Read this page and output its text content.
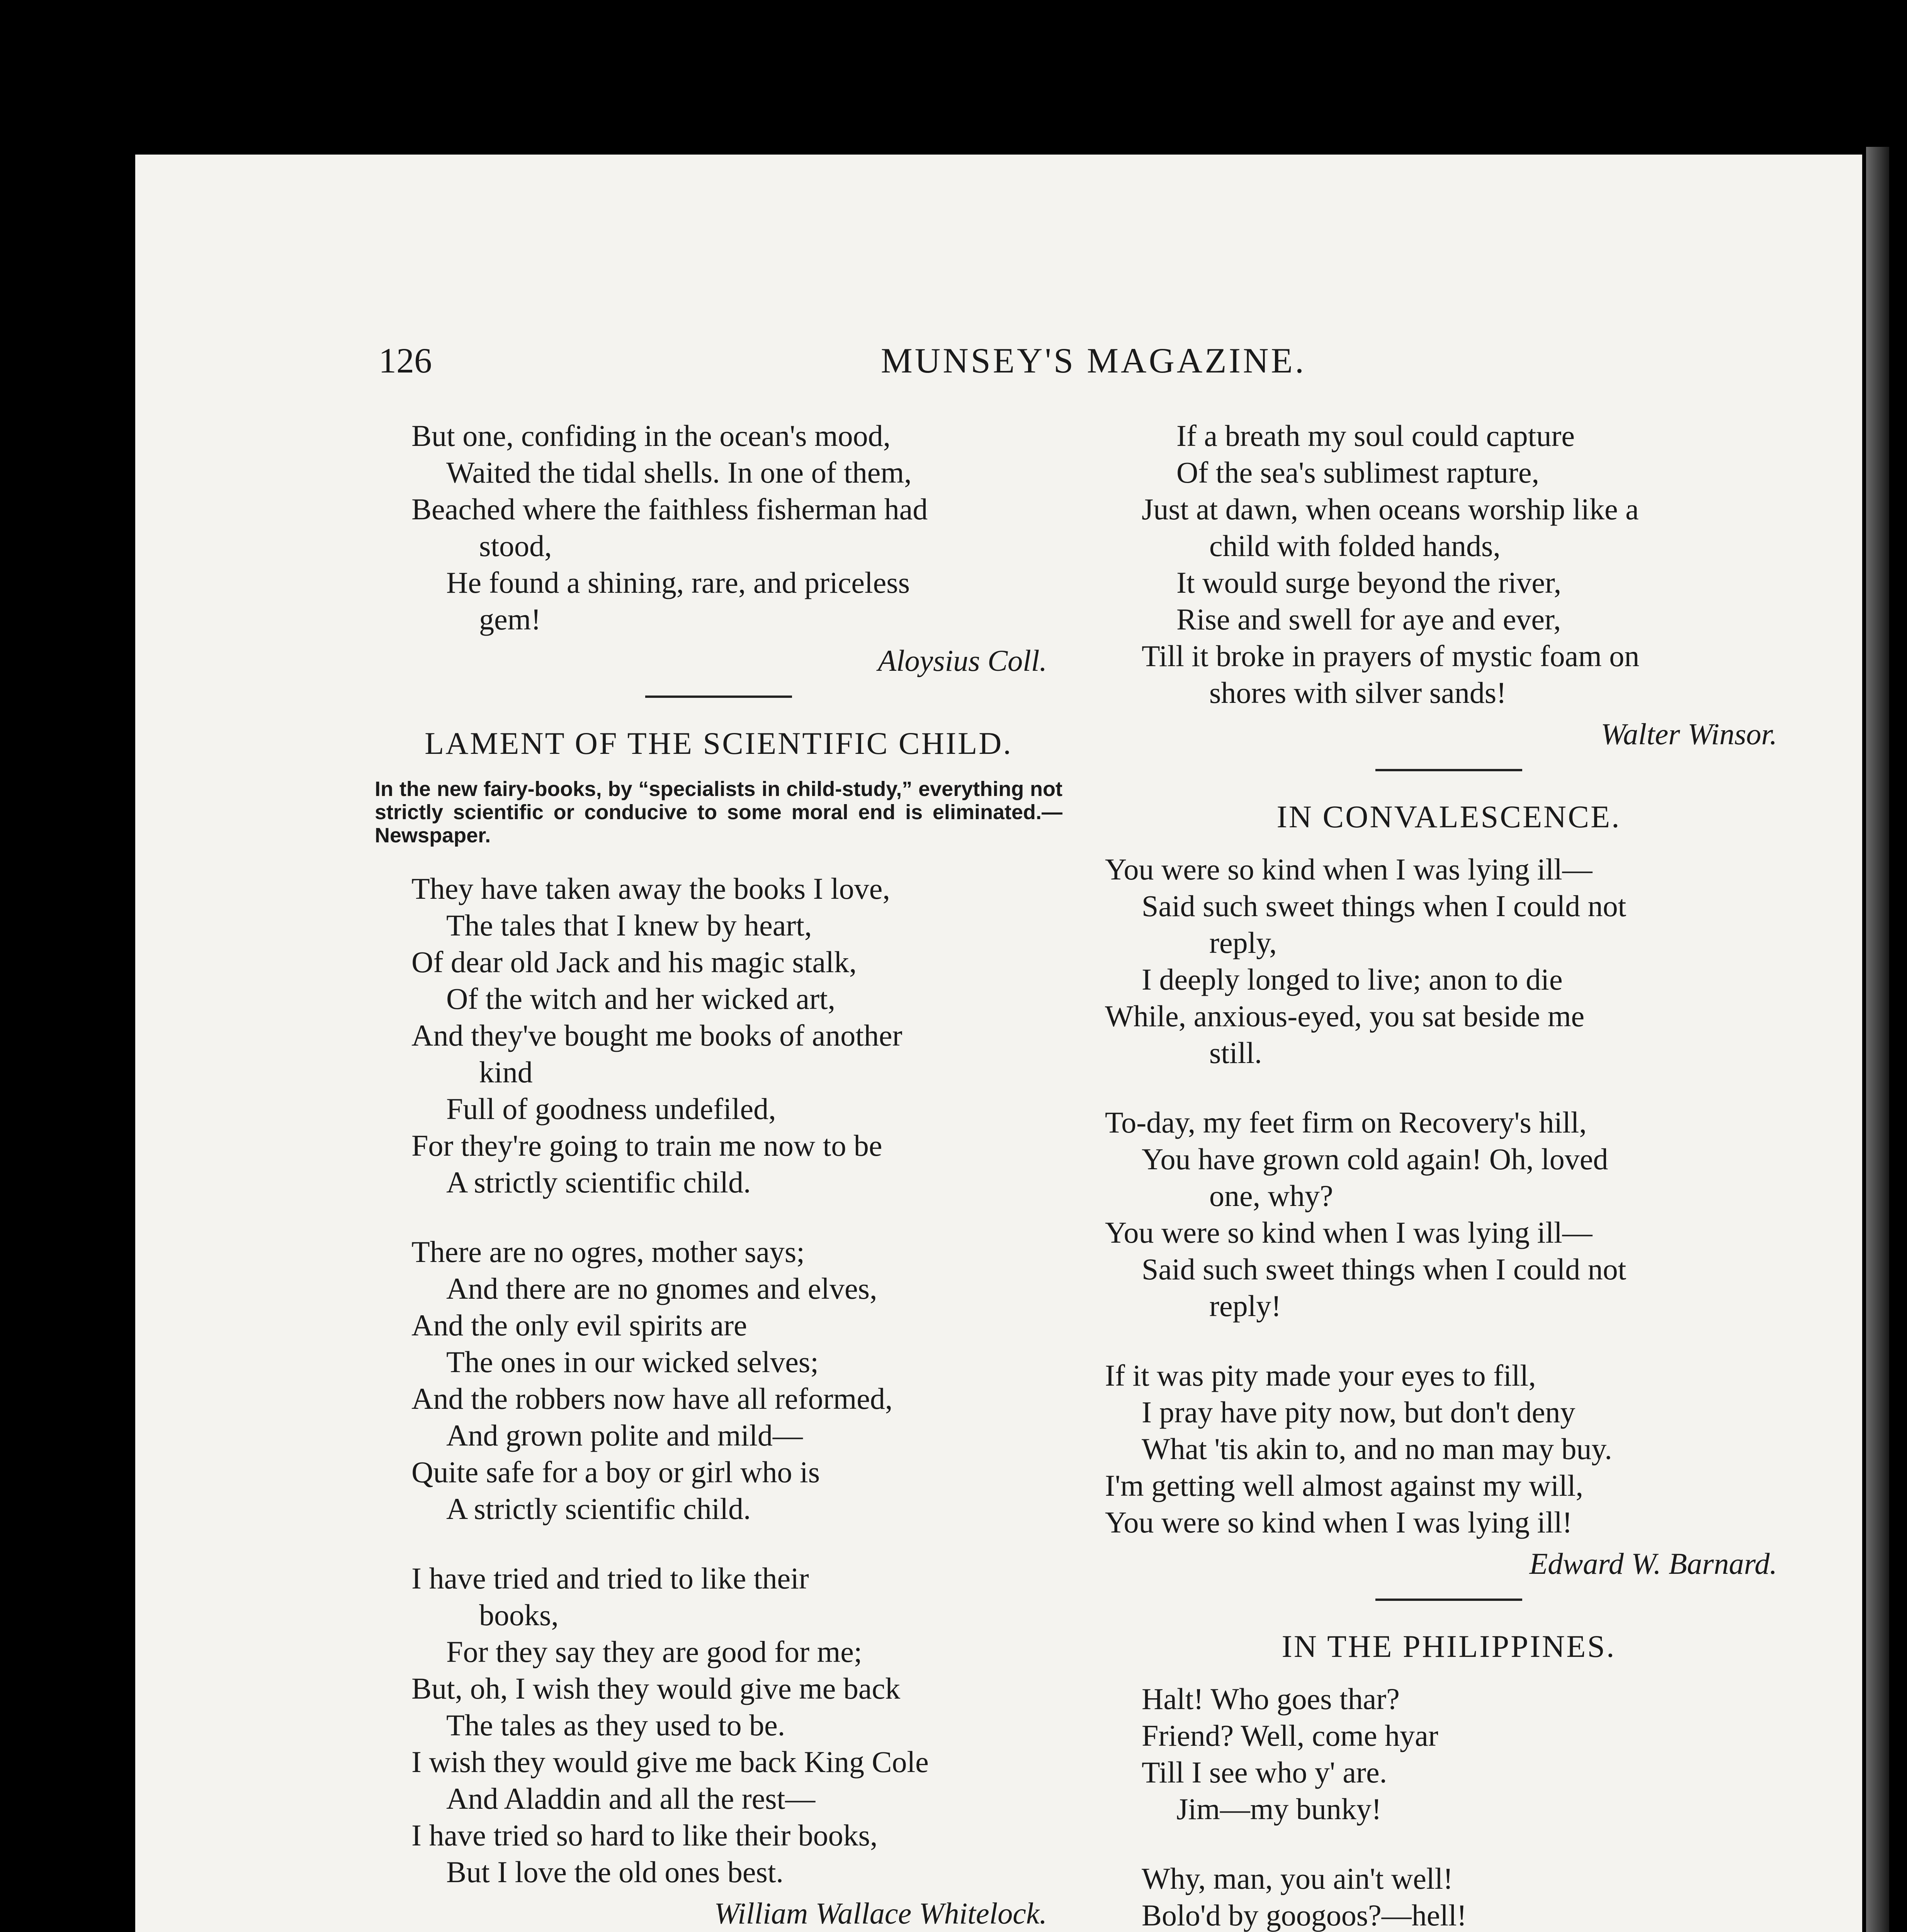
126	MUNSEY'S MAGAZINE.
But one, confiding in the ocean's mood,
Waited the tidal shells. In one of them,
Beached where the faithless fisherman had
stood,
He found a shining, rare, and priceless
gem!
Aloysius Coll.
LAMENT OF THE SCIENTIFIC CHILD.
In the new fairy-books, by “specialists in child-study,” everything not strictly scientific or conducive to some moral end is eliminated.—Newspaper.
They have taken away the books I love,
The tales that I knew by heart,
Of dear old Jack and his magic stalk,
Of the witch and her wicked art,
And they've bought me books of another
kind
Full of goodness undefiled,
For they're going to train me now to be
A strictly scientific child.
There are no ogres, mother says;
And there are no gnomes and elves,
And the only evil spirits are
The ones in our wicked selves;
And the robbers now have all reformed,
And grown polite and mild—
Quite safe for a boy or girl who is
A strictly scientific child.
I have tried and tried to like their
books,
For they say they are good for me;
But, oh, I wish they would give me back
The tales as they used to be.
I wish they would give me back King Cole
And Aladdin and all the rest—
I have tried so hard to like their books,
But I love the old ones best.
William Wallace Whitelock.
If a breath my soul could capture
Of the sea's sublimest rapture,
Just at dawn, when oceans worship like a
child with folded hands,
It would surge beyond the river,
Rise and swell for aye and ever,
Till it broke in prayers of mystic foam on
shores with silver sands!
Walter Winsor.
IN CONVALESCENCE.
You were so kind when I was lying ill—
Said such sweet things when I could not
reply,
I deeply longed to live; anon to die
While, anxious-eyed, you sat beside me
still.
To-day, my feet firm on Recovery's hill,
You have grown cold again! Oh, loved
one, why?
You were so kind when I was lying ill—
Said such sweet things when I could not
reply!
If it was pity made your eyes to fill,
I pray have pity now, but don't deny
What 'tis akin to, and no man may buy.
I'm getting well almost against my will,
You were so kind when I was lying ill!
Edward W. Barnard.
IN THE PHILIPPINES.
Halt! Who goes thar?
Friend? Well, come hyar
Till I see who y' are.
Jim—my bunky!
Why, man, you ain't well!
Bolo'd by googoos?—hell!
